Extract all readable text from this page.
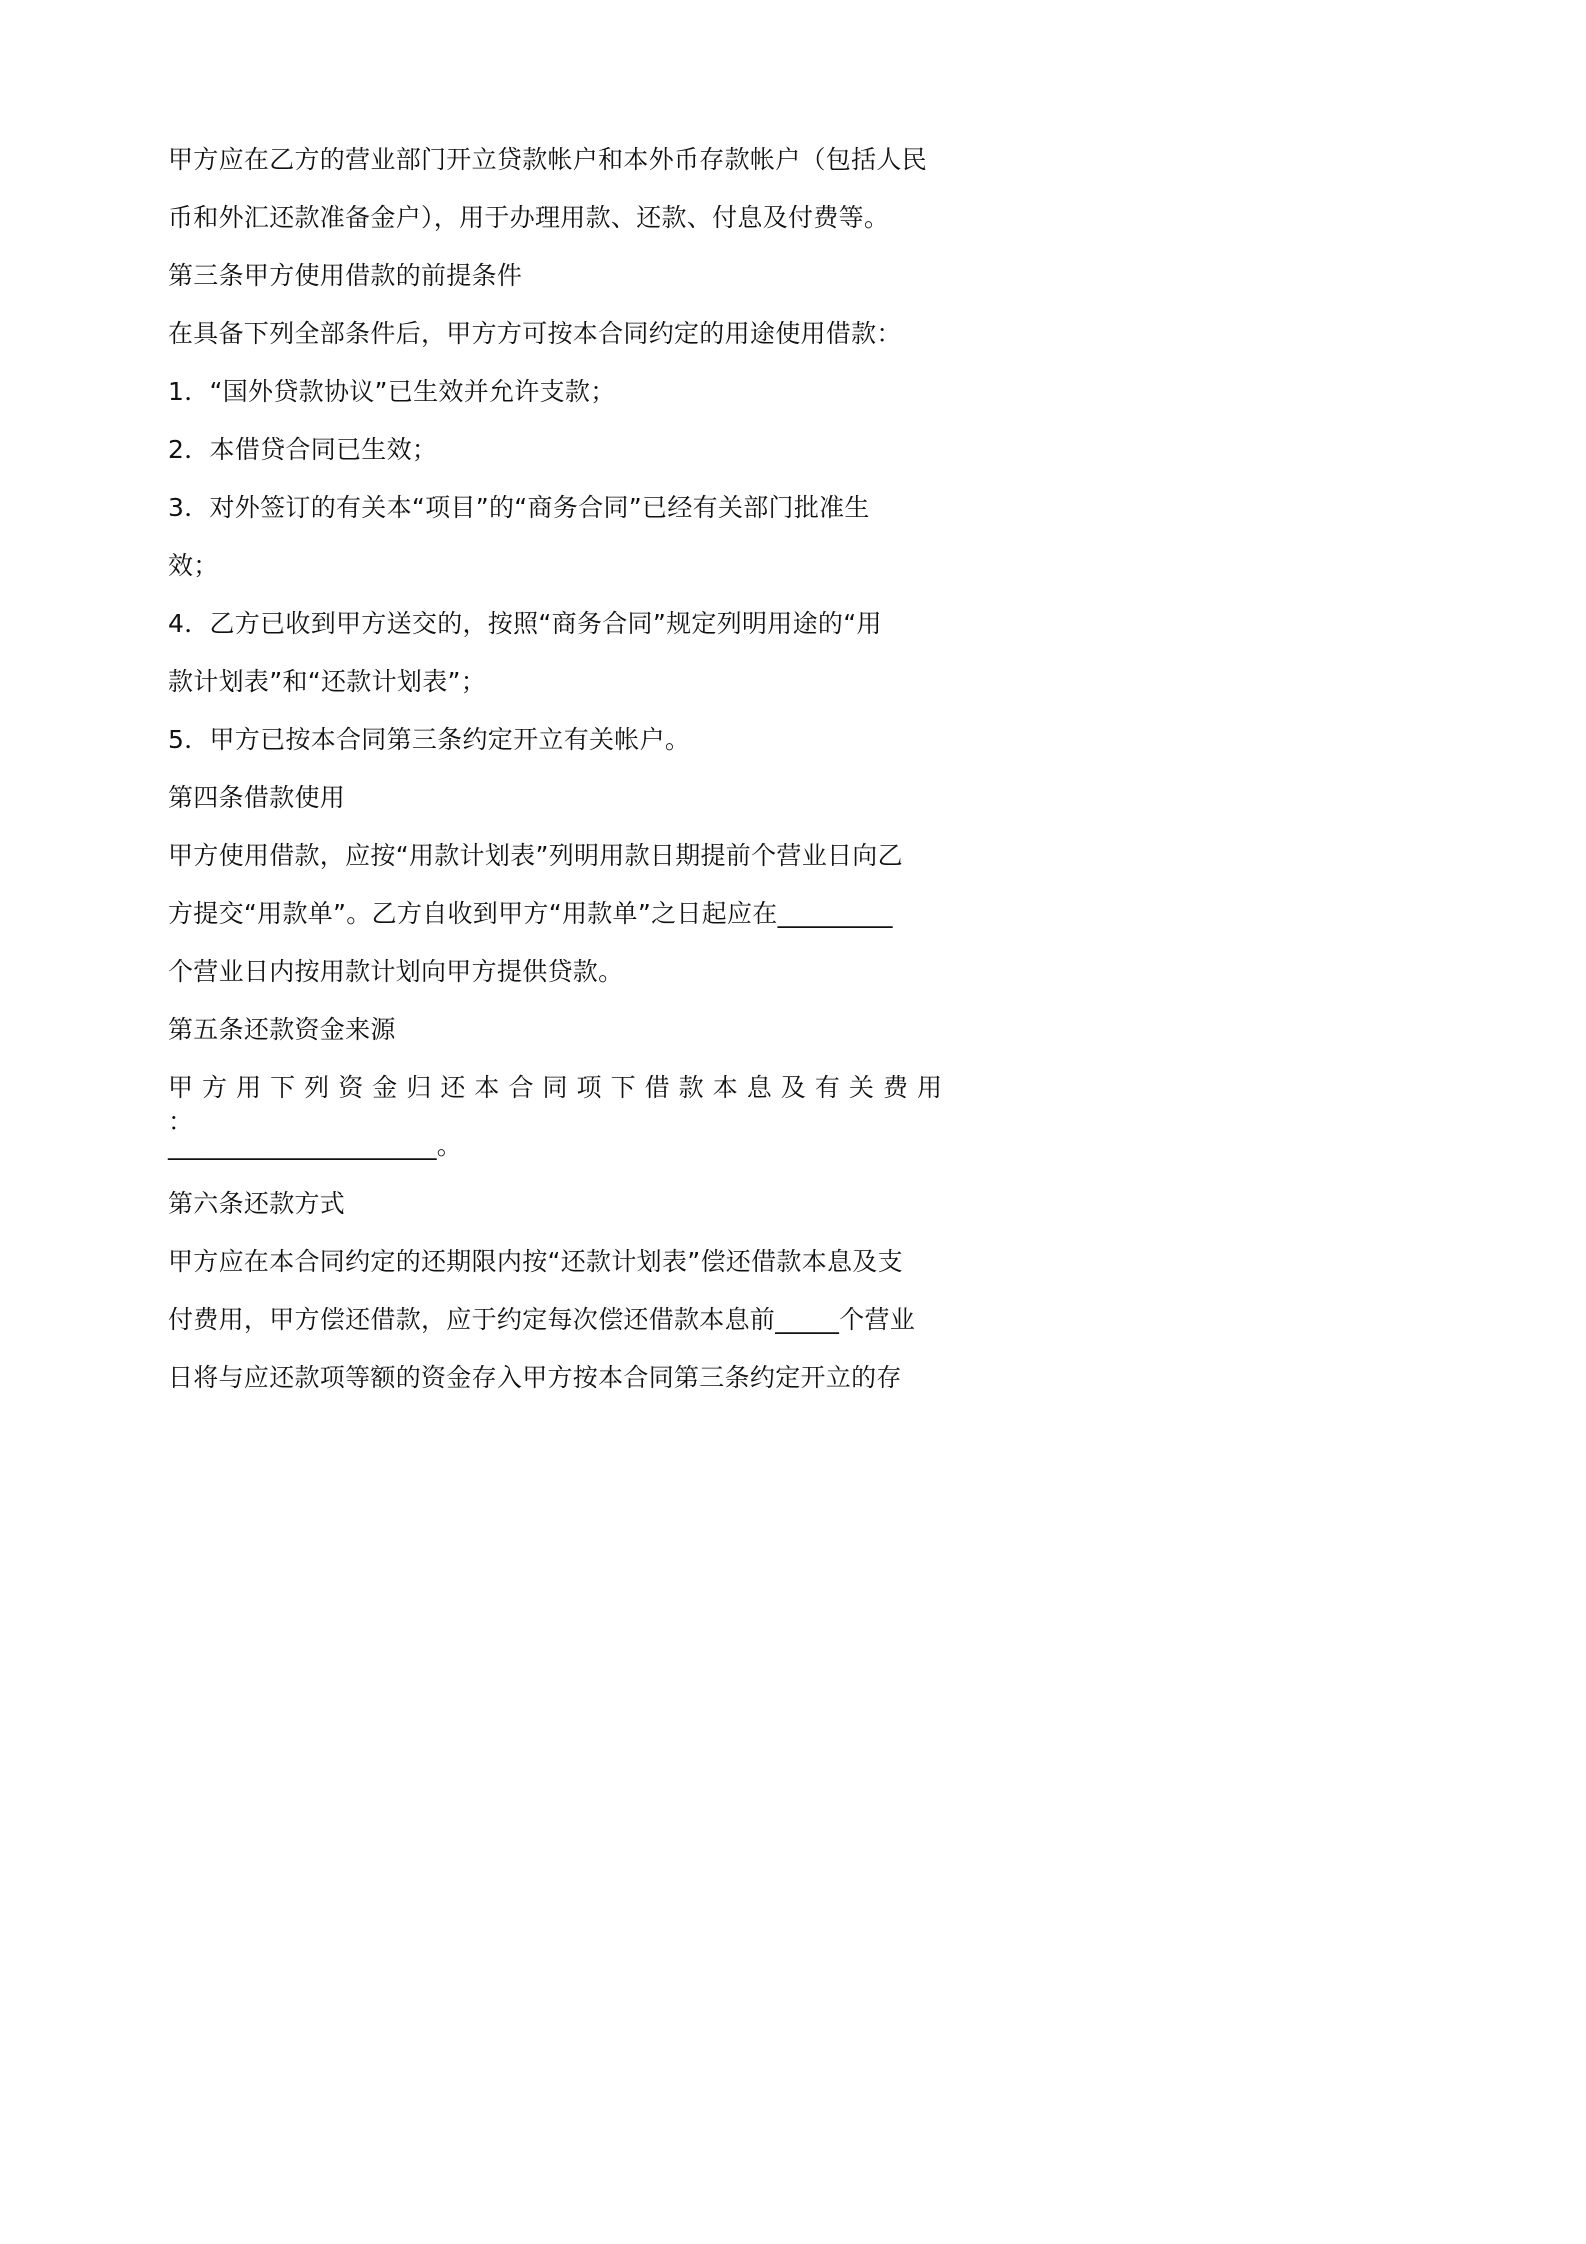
甲方应在乙方的营业部门开立贷款帐户和本外币存款帐户（包括人民
币和外汇还款准备金户），用于办理用款、还款、付息及付费等。
第三条甲方使用借款的前提条件
在具备下列全部条件后，甲方方可按本合同约定的用途使用借款：
1．“国外贷款协议”已生效并允许支款；
2．本借贷合同已生效；
3．对外签订的有关本“项目”的“商务合同”已经有关部门批准生
效；
4．乙方已收到甲方送交的，按照“商务合同”规定列明用途的“用
款计划表”和“还款计划表”；
5．甲方已按本合同第三条约定开立有关帐户。
第四条借款使用
甲方使用借款，应按“用款计划表”列明用款日期提前个营业日向乙
方提交“用款单”。乙方自收到甲方“用款单”之日起应在_________
个营业日内按用款计划向甲方提供贷款。
第五条还款资金来源
甲 方 用 下 列 资 金 归 还 本 合 同 项 下 借 款 本 息 及 有 关 费 用 ：
_____________________。
第六条还款方式
甲方应在本合同约定的还期限内按“还款计划表”偿还借款本息及支
付费用，甲方偿还借款，应于约定每次偿还借款本息前_____个营业
日将与应还款项等额的资金存入甲方按本合同第三条约定开立的存
